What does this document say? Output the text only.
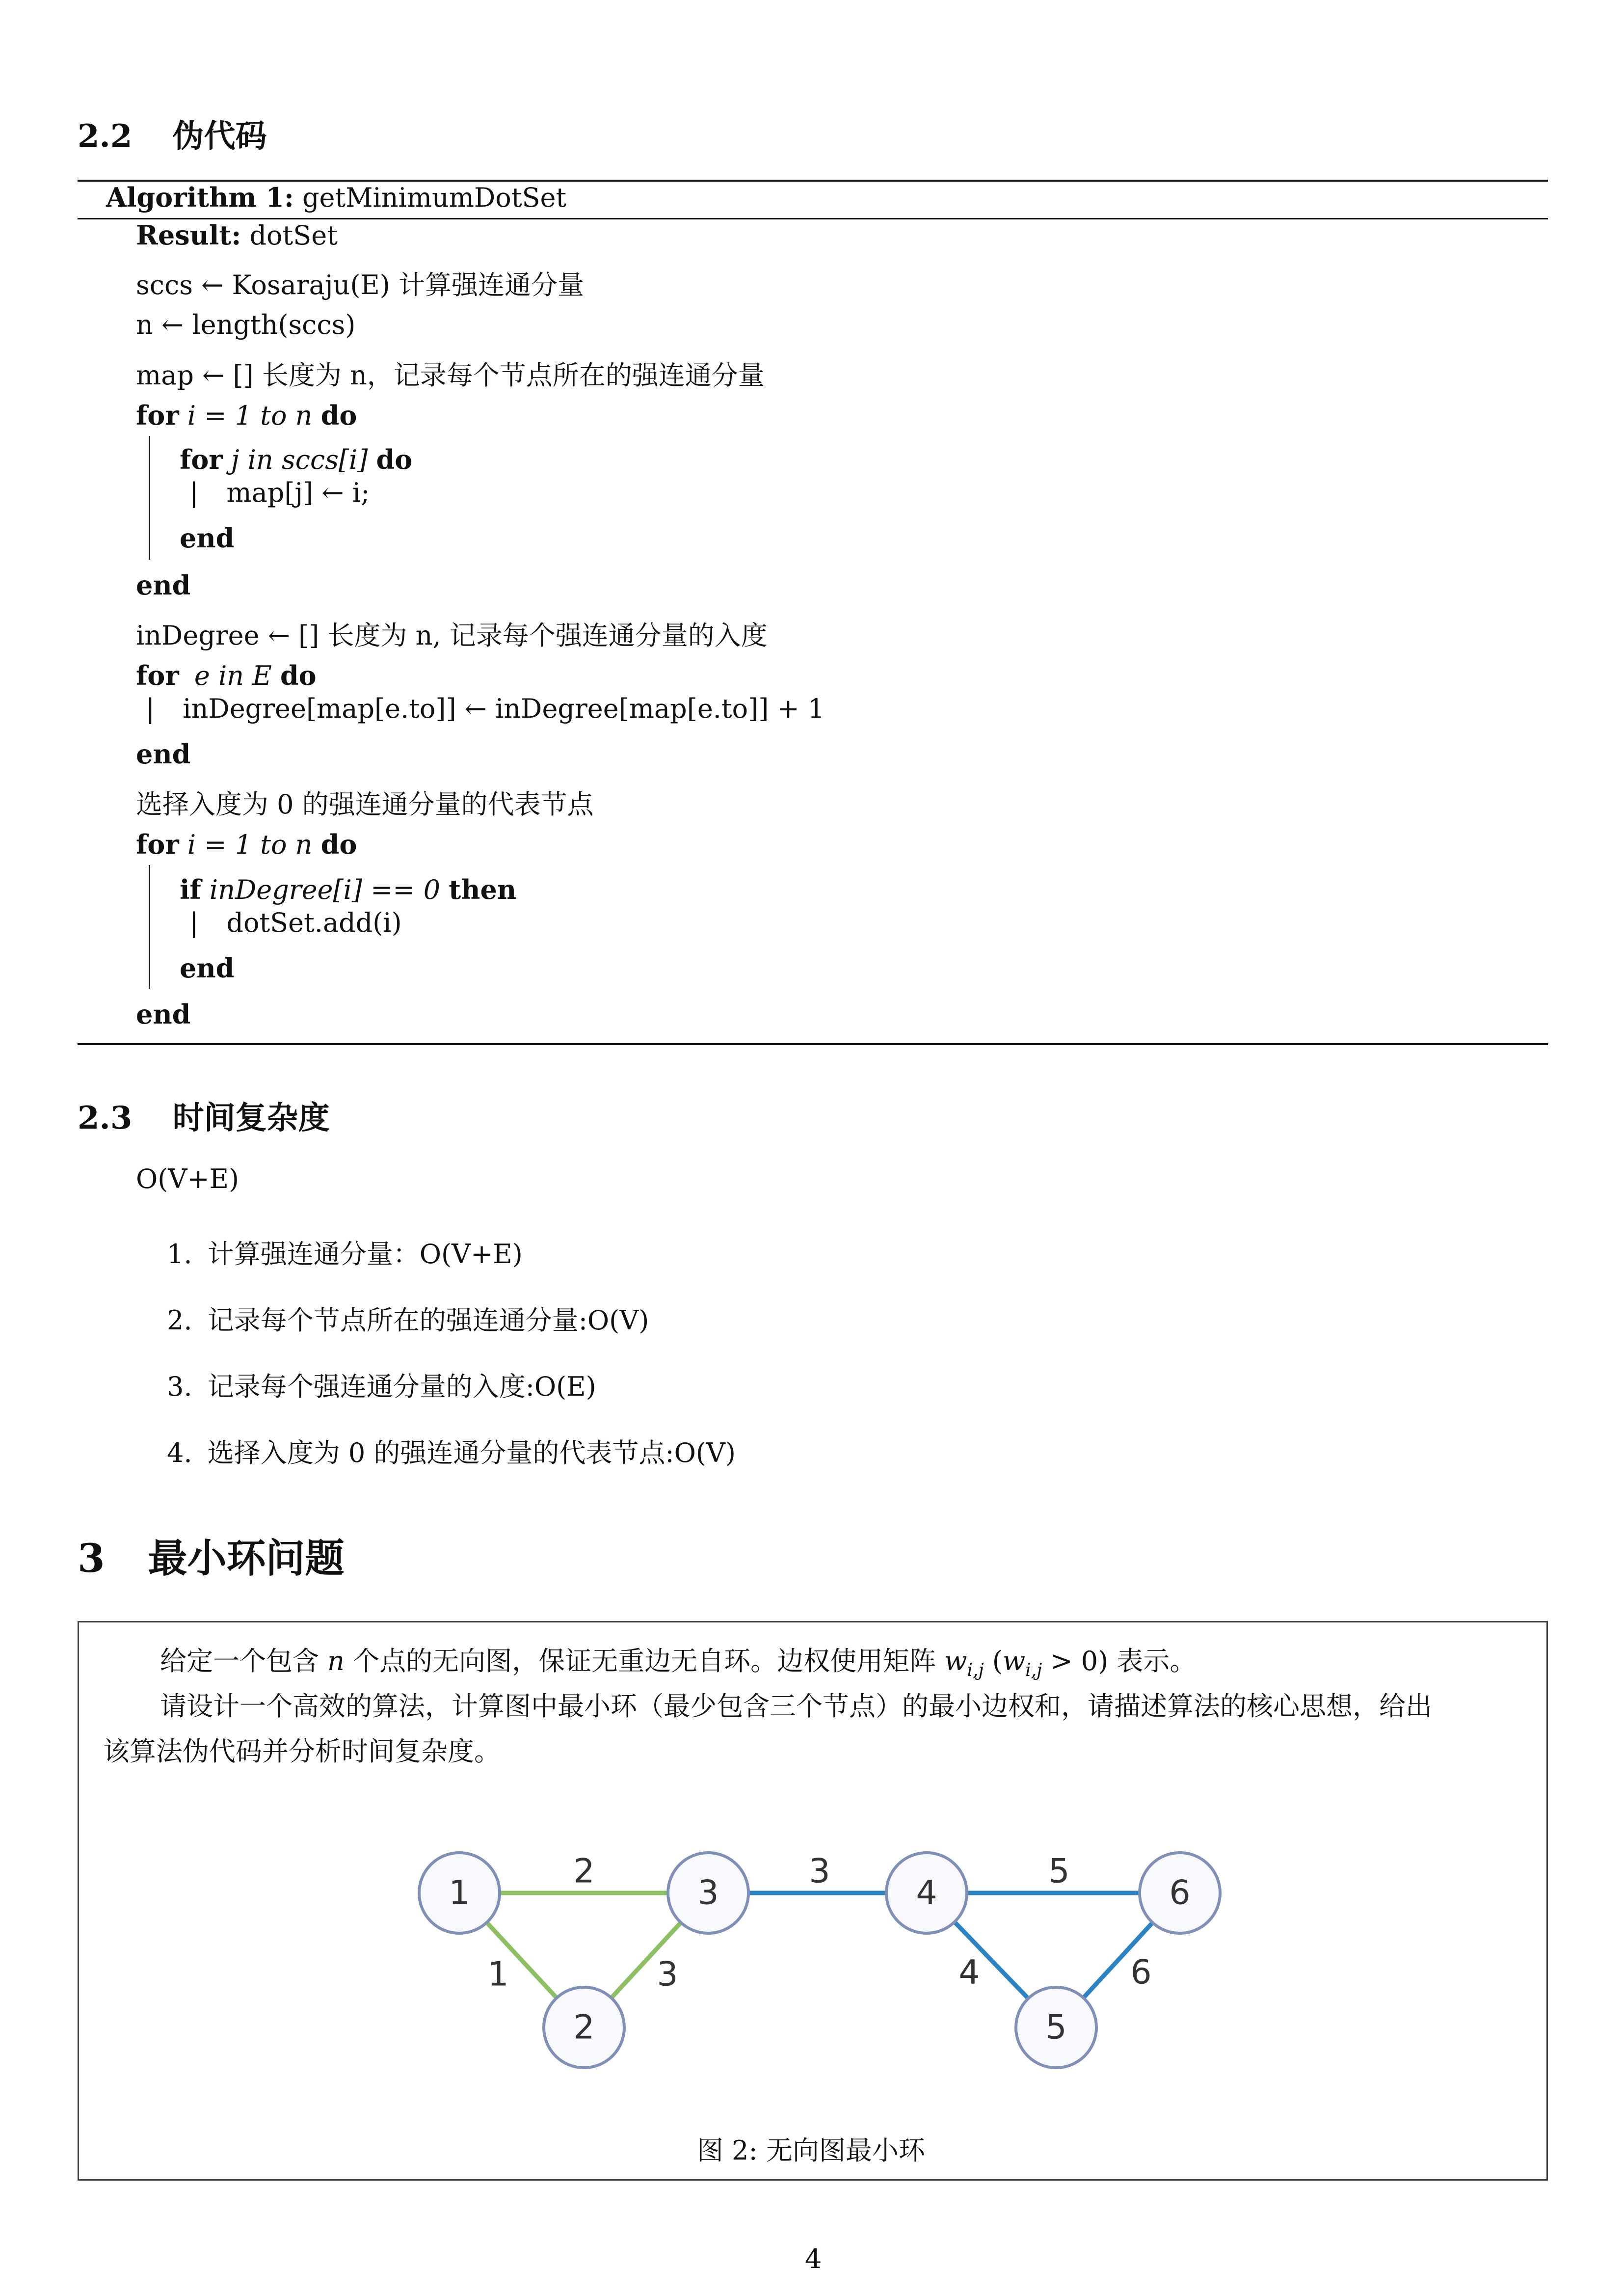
2.2 伪代码
Algorithm 1: getMinimumDotSet
Result: dotSet
sccs ← Kosaraju(E) 计算强连通分量
n ← length(sccs)
map ← [] 长度为 n，记录每个节点所在的强连通分量
for i = 1 to n do
for j in sccs[i] do
| map[j] ← i;
end
end
inDegree ← [] 长度为 n, 记录每个强连通分量的入度
for e in E do
| inDegree[map[e.to]] ← inDegree[map[e.to]] + 1
end
选择入度为 0 的强连通分量的代表节点
for i = 1 to n do
if inDegree[i] == 0 then
| dotSet.add(i)
end
end
2.3 时间复杂度
O(V+E)
1. 计算强连通分量：O(V+E)
2. 记录每个节点所在的强连通分量:O(V)
3. 记录每个强连通分量的入度:O(E)
4. 选择入度为 0 的强连通分量的代表节点:O(V)
3 最小环问题
给定一个包含 n 个点的无向图，保证无重边无自环。边权使用矩阵 $w_{i,j}$ $(w_{i,j} > 0)$ 表示。
请设计一个高效的算法，计算图中最小环（最少包含三个节点）的最小边权和，请描述算法的核心思想，给出
该算法伪代码并分析时间复杂度。
2
1	3
3	5
4	6
1
2
3	4
5
6
图 2: 无向图最小环
4
